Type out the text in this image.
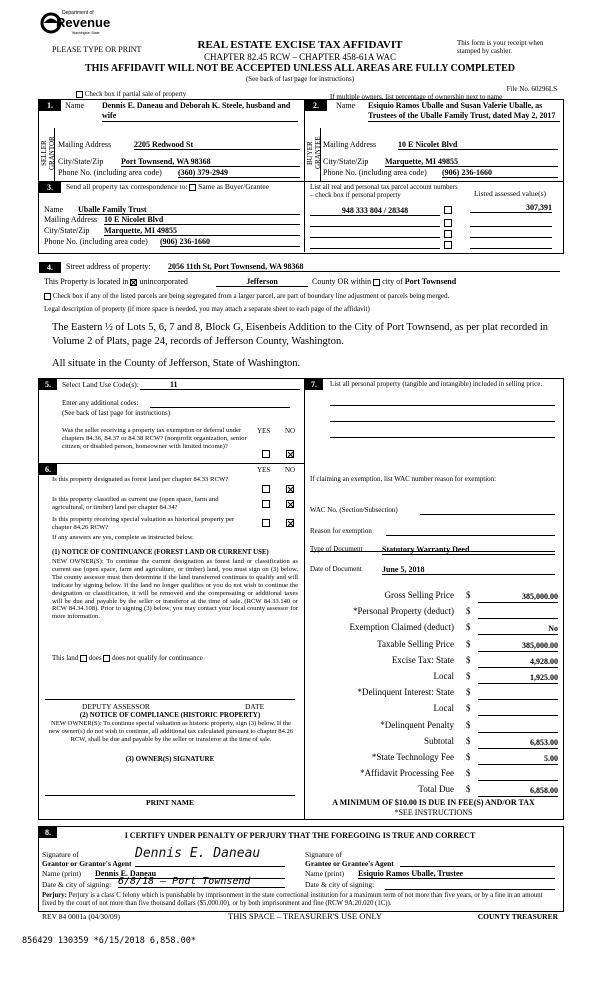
Department of
Revenue
Washington State
PLEASE TYPE OR PRINT	REAL ESTATE EXCISE TAX AFFIDAVIT
CHAPTER 82.45 RCW – CHAPTER 458-61A WAC
THIS AFFIDAVIT WILL NOT BE ACCEPTED UNLESS ALL AREAS ARE FULLY COMPLETED
(See back of last page for instructions)
This form is your receipt when stamped by cashier.
File No. 60296LS
Check box if partial sale of property	If multiple owners, list percentage of ownership next to name
1.
SELLER GRANTOR
Name Dennis E. Daneau and Deborah K. Steele, husband and wife
Mailing Address	2205 Redwood St
City/State/Zip Port Townsend, WA 98368
Phone No. (including area code) (360) 379-2949
2.
BUYER GRANTEE
Name Esiquio Ramos Uballe and Susan Valerie Uballe, as Trustees of the Uballe Family Trust, dated May 2, 2017
Mailing Address	10 E Nicolet Blvd
City/State/Zip Marquette, MI 49855
Phone No. (including area code) (906) 236-1660
3.	Send all property tax correspondence to: Same as Buyer/Grantee
Name Uballe Family Trust
Mailing Address 10 E Nicolet Blvd
City/State/Zip Marquette, MI 49855
Phone No. (including area code) (906) 236-1660
List all real and personal tax parcel account numbers – check box if personal property	Listed assessed value(s)
948 333 804 / 28348	307,391
4.	Street address of property: 2056 11th St, Port Townsend, WA 98368
This Property is located in unincorporated	Jefferson	County OR within city of Port Townsend
Check box if any of the listed parcels are being segregated from a larger parcel, are part of boundary line adjustment or parcels being merged.
Legal description of property (if more space is needed, you may attach a separate sheet to each page of the affidavit)
The Eastern ½ of Lots 5, 6, 7 and 8, Block G, Eisenbeis Addition to the City of Port Townsend, as per plat recorded in Volume 2 of Plats, page 24, records of Jefferson County, Washington.
All situate in the County of Jefferson, State of Washington.
5.	Select Land Use Code(s):	11
Enter any additional codes:
(See back of last page for instructions)
YES NO
Was the seller receiving a property tax exemption or deferral under chapters 84.36, 84.37 or 84.38 RCW? (nonprofit organization, senior citizen, or disabled person, homeowner with limited income)?
6.	YES NO
Is this property designated as forest land per chapter 84.33 RCW?
Is this property classified as current use (open space, farm and agricultural, or timber) land per chapter 84.34?
Is this property receiving special valuation as historical property per chapter 84.26 RCW?
If any answers are yes, complete as instructed below.
(1) NOTICE OF CONTINUANCE (FOREST LAND OR CURRENT USE)
NEW OWNER(S): To continue the current designation as forest land or classification as current use (open space, farm and agriculture, or timber) land, you must sign on (3) below. The county assessor must then determine if the land transferred continues to qualify and will indicate by signing below. If the land no longer qualifies or you do not wish to continue the designation or classification, it will be removed and the compensating or additional taxes will be due and payable by the seller or transferor at the time of sale. (RCW 84.33.140 or RCW 84.34.108). Prior to signing (3) below, you may contact your local county assessor for more information.
This land does does not qualify for continuance
DEPUTY ASSESSOR	DATE
(2) NOTICE OF COMPLIANCE (HISTORIC PROPERTY)
NEW OWNER(S): To continue special valuation as historic property, sign (3) below. If the new owner(s) do not wish to continue, all additional tax calculated pursuant to chapter 84.26 RCW, shall be due and payable by the seller or transferor at the time of sale.
(3) OWNER(S) SIGNATURE
PRINT NAME
7.	List all personal property (tangible and intangible) included in selling price.
If claiming an exemption, list WAC number reason for exemption:
WAC No. (Section/Subsection)
Reason for exemption
Type of Document Statutory Warranty Deed
Date of Document	June 5, 2018
Gross Selling Price $	385,000.00
*Personal Property (deduct) $
Exemption Claimed (deduct) $	No
Taxable Selling Price $	385,000.00
Excise Tax: State $	4,928.00
Local $	1,925.00
*Delinquent Interest: State $
Local $
*Delinquent Penalty $
Subtotal $	6,853.00
*State Technology Fee $	5.00
*Affidavit Processing Fee $
Total Due $	6,858.00
A MINIMUM OF $10.00 IS DUE IN FEE(S) AND/OR TAX
*SEE INSTRUCTIONS
8.	I CERTIFY UNDER PENALTY OF PERJURY THAT THE FOREGOING IS TRUE AND CORRECT
Signature of
Grantor or Grantor's Agent
Dennis E. Daneau
Name (print) Dennis E. Daneau
Date & city of signing: 6/8/18 – Port Townsend
Signature of
Grantee or Grantee's Agent
Name (print) Esiquio Ramos Uballe, Trustee
Date & city of signing:
Perjury: Perjury is a class C felony which is punishable by imprisonment in the state correctional institution for a maximum term of not more than five years, or by a fine in an amount fixed by the court of not more than five thousand dollars ($5,000.00), or by both imprisonment and fine (RCW 9A.20.020 (1C)).
REV 84 0001a (04/30/09)	THIS SPACE – TREASURER'S USE ONLY	COUNTY TREASURER
856429 130359 *6/15/2018 6,858.00*
